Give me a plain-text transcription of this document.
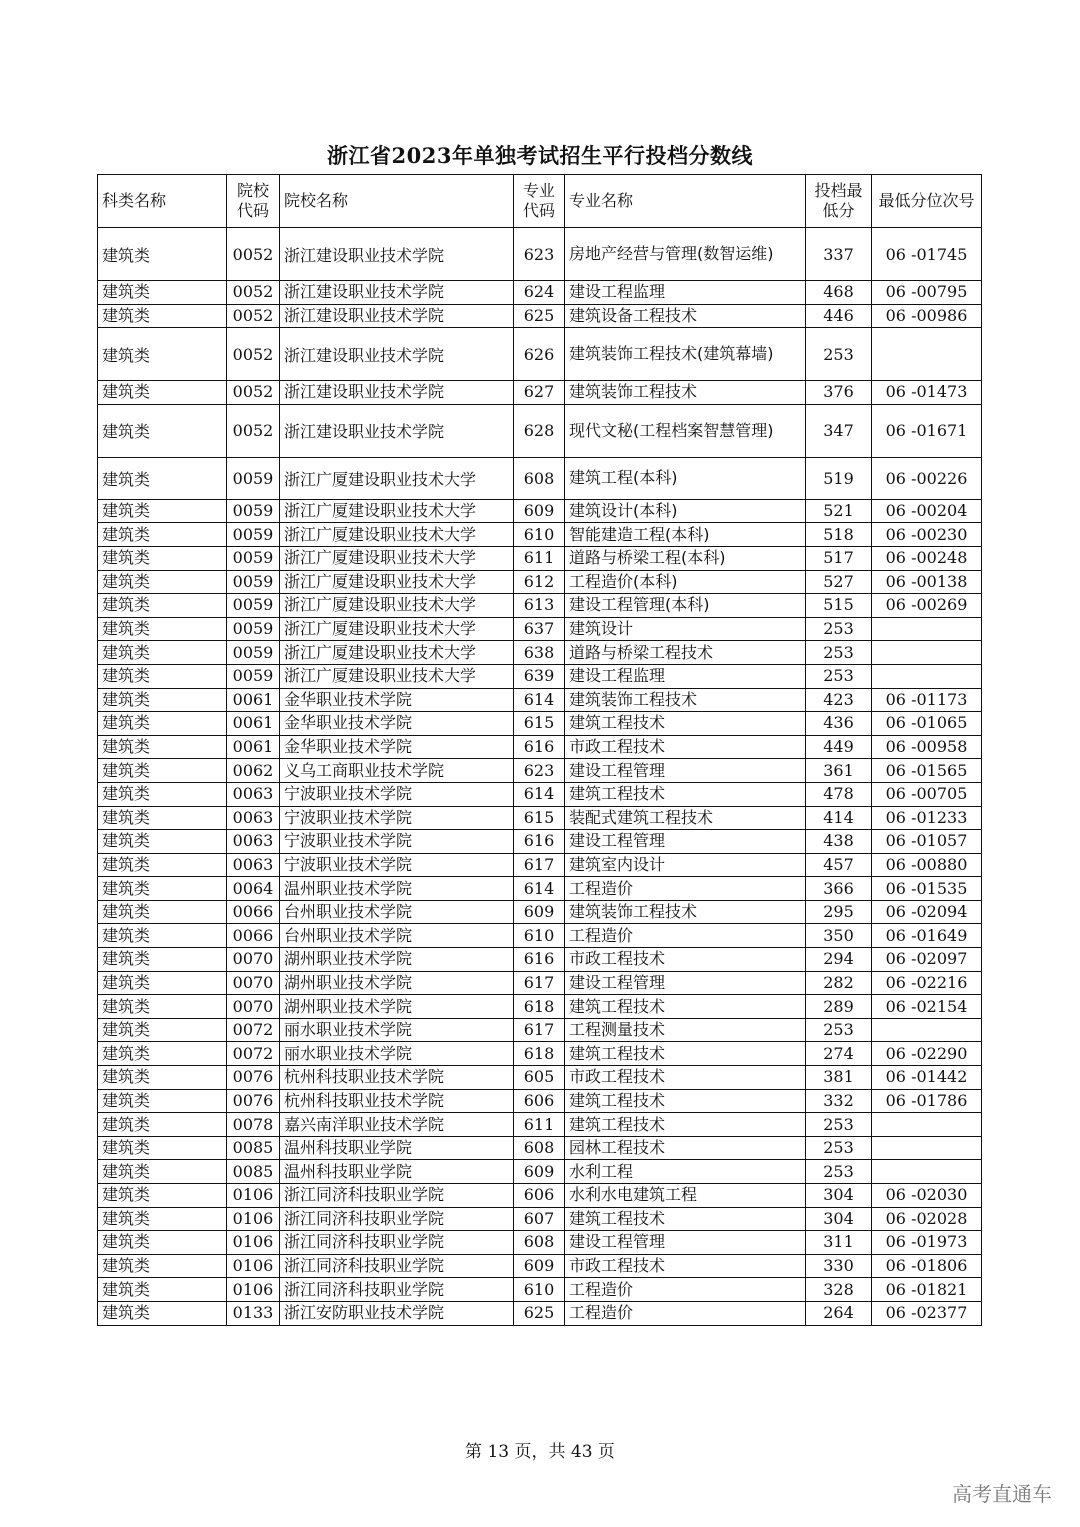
浙江省2023年单独考试招生平行投档分数线
科类名称	院校代码	院校名称	专业代码	专业名称	投档最低分	最低分位次号
建筑类	0052	浙江建设职业技术学院	623	房地产经营与管理(数智运维)	337	06 -01745
建筑类	0052	浙江建设职业技术学院	624	建设工程监理	468	06 -00795
建筑类	0052	浙江建设职业技术学院	625	建筑设备工程技术	446	06 -00986
建筑类	0052	浙江建设职业技术学院	626	建筑装饰工程技术(建筑幕墙)	253	
建筑类	0052	浙江建设职业技术学院	627	建筑装饰工程技术	376	06 -01473
建筑类	0052	浙江建设职业技术学院	628	现代文秘(工程档案智慧管理)	347	06 -01671
建筑类	0059	浙江广厦建设职业技术大学	608	建筑工程(本科)	519	06 -00226
建筑类	0059	浙江广厦建设职业技术大学	609	建筑设计(本科)	521	06 -00204
建筑类	0059	浙江广厦建设职业技术大学	610	智能建造工程(本科)	518	06 -00230
建筑类	0059	浙江广厦建设职业技术大学	611	道路与桥梁工程(本科)	517	06 -00248
建筑类	0059	浙江广厦建设职业技术大学	612	工程造价(本科)	527	06 -00138
建筑类	0059	浙江广厦建设职业技术大学	613	建设工程管理(本科)	515	06 -00269
建筑类	0059	浙江广厦建设职业技术大学	637	建筑设计	253	
建筑类	0059	浙江广厦建设职业技术大学	638	道路与桥梁工程技术	253	
建筑类	0059	浙江广厦建设职业技术大学	639	建设工程监理	253	
建筑类	0061	金华职业技术学院	614	建筑装饰工程技术	423	06 -01173
建筑类	0061	金华职业技术学院	615	建筑工程技术	436	06 -01065
建筑类	0061	金华职业技术学院	616	市政工程技术	449	06 -00958
建筑类	0062	义乌工商职业技术学院	623	建设工程管理	361	06 -01565
建筑类	0063	宁波职业技术学院	614	建筑工程技术	478	06 -00705
建筑类	0063	宁波职业技术学院	615	装配式建筑工程技术	414	06 -01233
建筑类	0063	宁波职业技术学院	616	建设工程管理	438	06 -01057
建筑类	0063	宁波职业技术学院	617	建筑室内设计	457	06 -00880
建筑类	0064	温州职业技术学院	614	工程造价	366	06 -01535
建筑类	0066	台州职业技术学院	609	建筑装饰工程技术	295	06 -02094
建筑类	0066	台州职业技术学院	610	工程造价	350	06 -01649
建筑类	0070	湖州职业技术学院	616	市政工程技术	294	06 -02097
建筑类	0070	湖州职业技术学院	617	建设工程管理	282	06 -02216
建筑类	0070	湖州职业技术学院	618	建筑工程技术	289	06 -02154
建筑类	0072	丽水职业技术学院	617	工程测量技术	253	
建筑类	0072	丽水职业技术学院	618	建筑工程技术	274	06 -02290
建筑类	0076	杭州科技职业技术学院	605	市政工程技术	381	06 -01442
建筑类	0076	杭州科技职业技术学院	606	建筑工程技术	332	06 -01786
建筑类	0078	嘉兴南洋职业技术学院	611	建筑工程技术	253	
建筑类	0085	温州科技职业学院	608	园林工程技术	253	
建筑类	0085	温州科技职业学院	609	水利工程	253	
建筑类	0106	浙江同济科技职业学院	606	水利水电建筑工程	304	06 -02030
建筑类	0106	浙江同济科技职业学院	607	建筑工程技术	304	06 -02028
建筑类	0106	浙江同济科技职业学院	608	建设工程管理	311	06 -01973
建筑类	0106	浙江同济科技职业学院	609	市政工程技术	330	06 -01806
建筑类	0106	浙江同济科技职业学院	610	工程造价	328	06 -01821
建筑类	0133	浙江安防职业技术学院	625	工程造价	264	06 -02377
第 13 页，共 43 页
高考直通车
